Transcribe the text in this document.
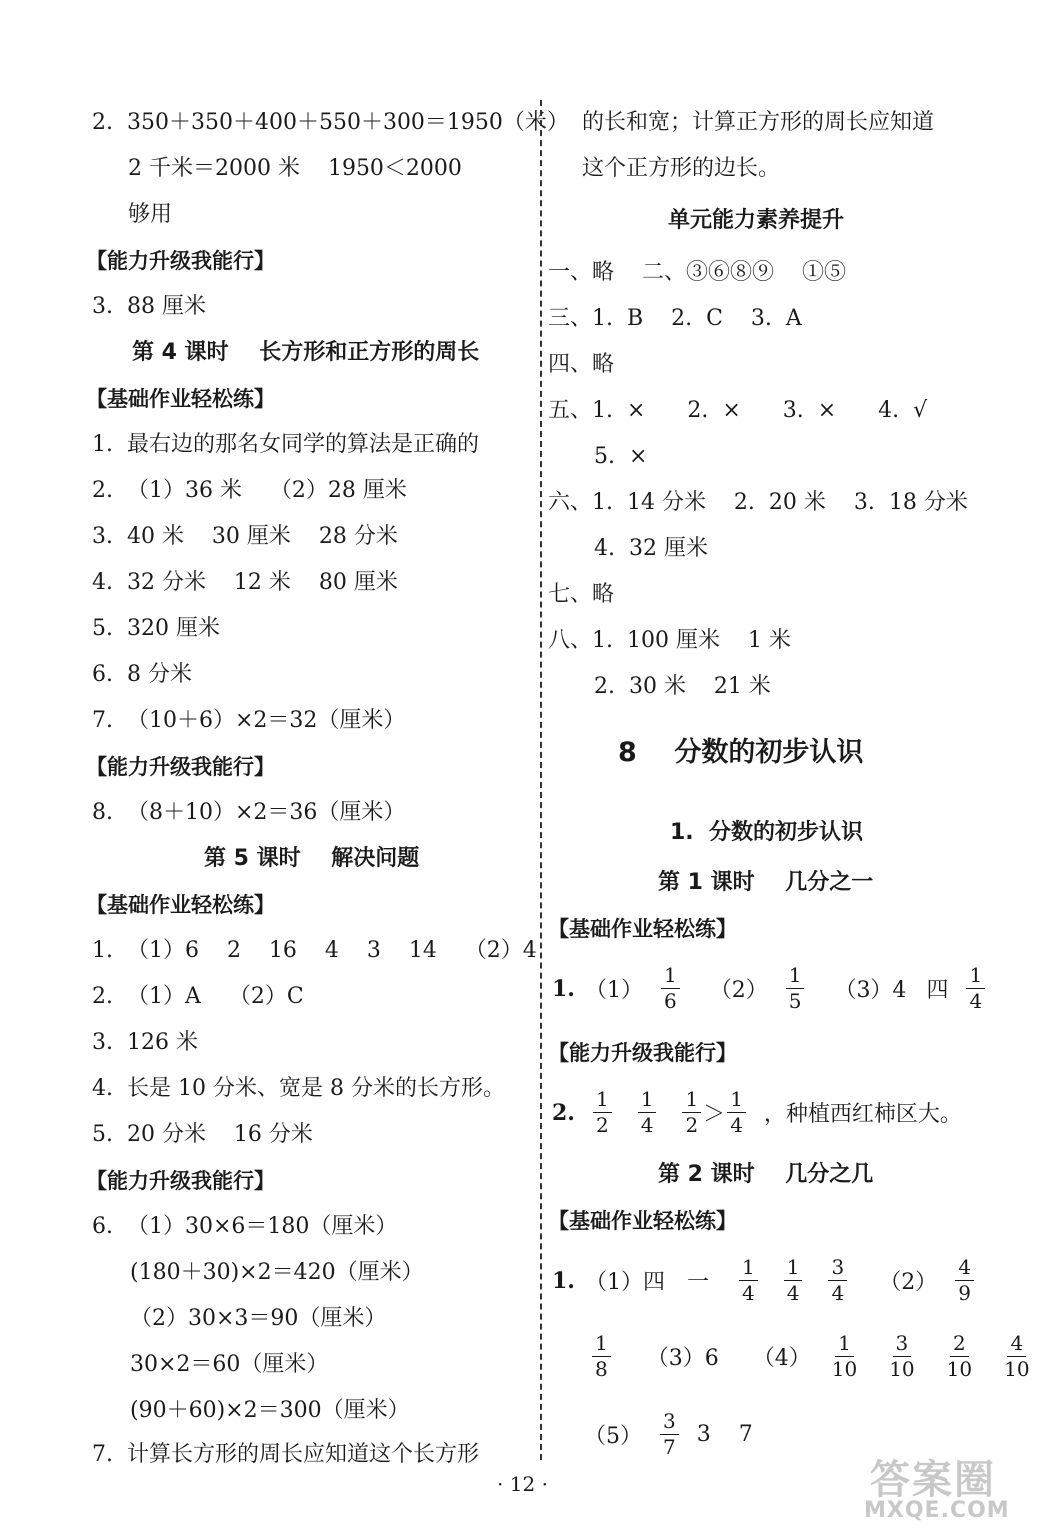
2.  350＋350＋400＋550＋300＝1950（米）
2 千米＝2000 米    1950＜2000
够用
【能力升级我能行】
3.  88 厘米
第 4 课时    长方形和正方形的周长
【基础作业轻松练】
1.  最右边的那名女同学的算法是正确的
2.  （1）36 米    （2）28 厘米
3.  40 米    30 厘米    28 分米
4.  32 分米    12 米    80 厘米
5.  320 厘米
6.  8 分米
7.  （10＋6）×2＝32（厘米）
【能力升级我能行】
8.  （8＋10）×2＝36（厘米）
第 5 课时    解决问题
【基础作业轻松练】
1.  （1）6    2    16    4    3    14    （2）4
2.  （1）A    （2）C
3.  126 米
4.  长是 10 分米、宽是 8 分米的长方形。
5.  20 分米    16 分米
【能力升级我能行】
6.  （1）30×6＝180（厘米）
(180＋30)×2＝420（厘米）
（2）30×3＝90（厘米）
30×2＝60（厘米）
(90＋60)×2＝300（厘米）
7.  计算长方形的周长应知道这个长方形
的长和宽；计算正方形的周长应知道
这个正方形的边长。
单元能力素养提升
一、略    二、③⑥⑧⑨    ①⑤
三、1.  B    2.  C    3.  A
四、略
五、1.  ×      2.  ×      3.  ×      4.  √
5.  ×
六、1.  14 分米    2.  20 米    3.  18 分米
4.  32 厘米
七、略
八、1.  100 厘米    1 米
2.  30 米    21 米
8    分数的初步认识
1.  分数的初步认识
第 1 课时    几分之一
【基础作业轻松练】
1. $(1) \frac{1}{6} (2) \frac{1}{5} (3)4$ 四 $\frac{1}{4}$
【能力升级我能行】
2. $\frac{1}{2} \frac{1}{4} \frac{1}{2} > \frac{1}{4}$ ，种植西红柿区大。
第 2 课时    几分之几
【基础作业轻松练】
1. （1）四 一 $\frac{1}{4} \frac{1}{4} \frac{3}{4} (2) \frac{4}{9}$
$\frac{1}{8} (3)6$ $(4) \frac{1}{10} \frac{3}{10} \frac{2}{10} \frac{4}{10}$
$(5) \frac{3}{7} 3$    7
· 12 ·	答案圈
MXQE.COM
